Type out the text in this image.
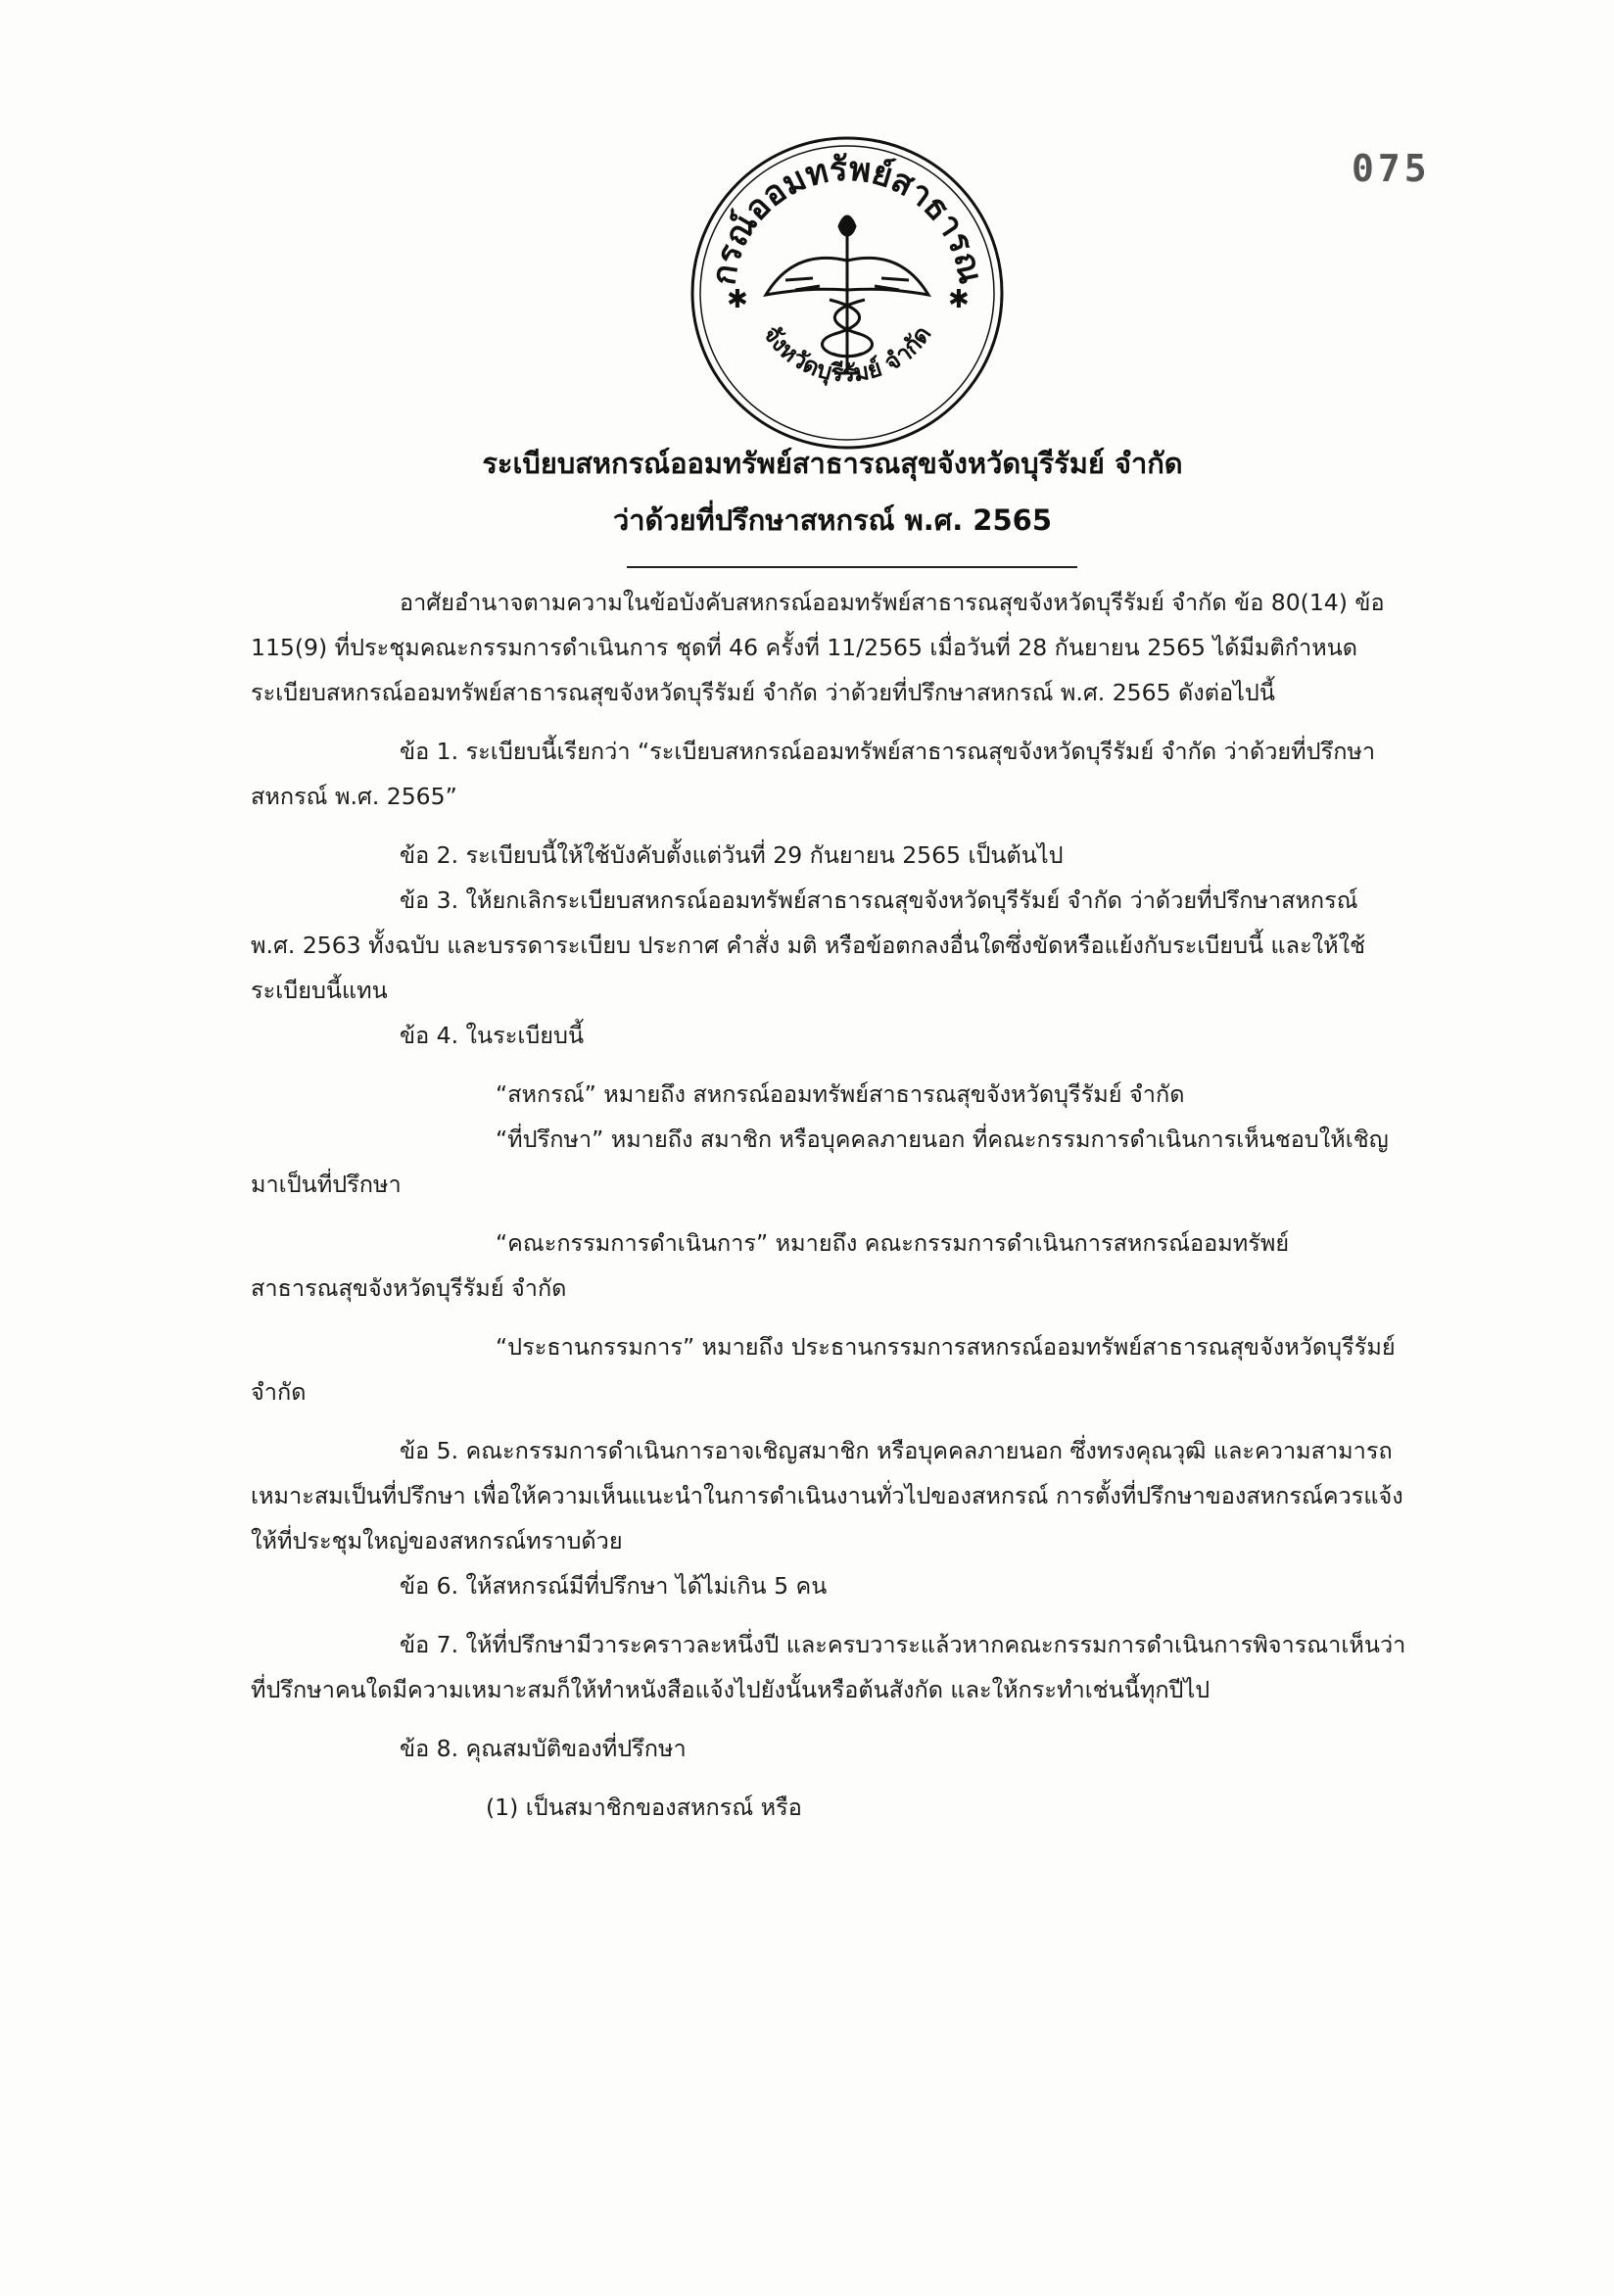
075
กรณ์ออมทรัพย์สาธารณ
จังหวัดบุรีรัมย์ จำกัด
✱	✱
ระเบียบสหกรณ์ออมทรัพย์สาธารณสุขจังหวัดบุรีรัมย์ จำกัด
ว่าด้วยที่ปรึกษาสหกรณ์ พ.ศ. 2565

อาศัยอำนาจตามความในข้อบังคับสหกรณ์ออมทรัพย์สาธารณสุขจังหวัดบุรีรัมย์ จำกัด ข้อ 80(14) ข้อ 115(9) ที่ประชุมคณะกรรมการดำเนินการ ชุดที่ 46 ครั้งที่ 11/2565 เมื่อวันที่ 28 กันยายน 2565 ได้มีมติกำหนดระเบียบสหกรณ์ออมทรัพย์สาธารณสุขจังหวัดบุรีรัมย์ จำกัด ว่าด้วยที่ปรึกษาสหกรณ์ พ.ศ. 2565 ดังต่อไปนี้

ข้อ 1. ระเบียบนี้เรียกว่า “ระเบียบสหกรณ์ออมทรัพย์สาธารณสุขจังหวัดบุรีรัมย์ จำกัด ว่าด้วยที่ปรึกษาสหกรณ์ พ.ศ. 2565”

ข้อ 2. ระเบียบนี้ให้ใช้บังคับตั้งแต่วันที่ 29 กันยายน 2565 เป็นต้นไป

ข้อ 3. ให้ยกเลิกระเบียบสหกรณ์ออมทรัพย์สาธารณสุขจังหวัดบุรีรัมย์ จำกัด ว่าด้วยที่ปรึกษาสหกรณ์ พ.ศ. 2563 ทั้งฉบับ และบรรดาระเบียบ ประกาศ คำสั่ง มติ หรือข้อตกลงอื่นใดซึ่งขัดหรือแย้งกับระเบียบนี้ และให้ใช้ระเบียบนี้แทน

ข้อ 4. ในระเบียบนี้

“สหกรณ์” หมายถึง สหกรณ์ออมทรัพย์สาธารณสุขจังหวัดบุรีรัมย์ จำกัด

“ที่ปรึกษา” หมายถึง สมาชิก หรือบุคคลภายนอก ที่คณะกรรมการดำเนินการเห็นชอบให้เชิญมาเป็นที่ปรึกษา

“คณะกรรมการดำเนินการ” หมายถึง คณะกรรมการดำเนินการสหกรณ์ออมทรัพย์สาธารณสุขจังหวัดบุรีรัมย์ จำกัด

“ประธานกรรมการ” หมายถึง ประธานกรรมการสหกรณ์ออมทรัพย์สาธารณสุขจังหวัดบุรีรัมย์ จำกัด

ข้อ 5. คณะกรรมการดำเนินการอาจเชิญสมาชิก หรือบุคคลภายนอก ซึ่งทรงคุณวุฒิ และความสามารถเหมาะสมเป็นที่ปรึกษา เพื่อให้ความเห็นแนะนำในการดำเนินงานทั่วไปของสหกรณ์ การตั้งที่ปรึกษาของสหกรณ์ควรแจ้งให้ที่ประชุมใหญ่ของสหกรณ์ทราบด้วย

ข้อ 6. ให้สหกรณ์มีที่ปรึกษา ได้ไม่เกิน 5 คน

ข้อ 7. ให้ที่ปรึกษามีวาระคราวละหนึ่งปี และครบวาระแล้วหากคณะกรรมการดำเนินการพิจารณาเห็นว่า ที่ปรึกษาคนใดมีความเหมาะสมก็ให้ทำหนังสือแจ้งไปยังนั้นหรือต้นสังกัด และให้กระทำเช่นนี้ทุกปีไป

ข้อ 8. คุณสมบัติของที่ปรึกษา

(1) เป็นสมาชิกของสหกรณ์ หรือ
